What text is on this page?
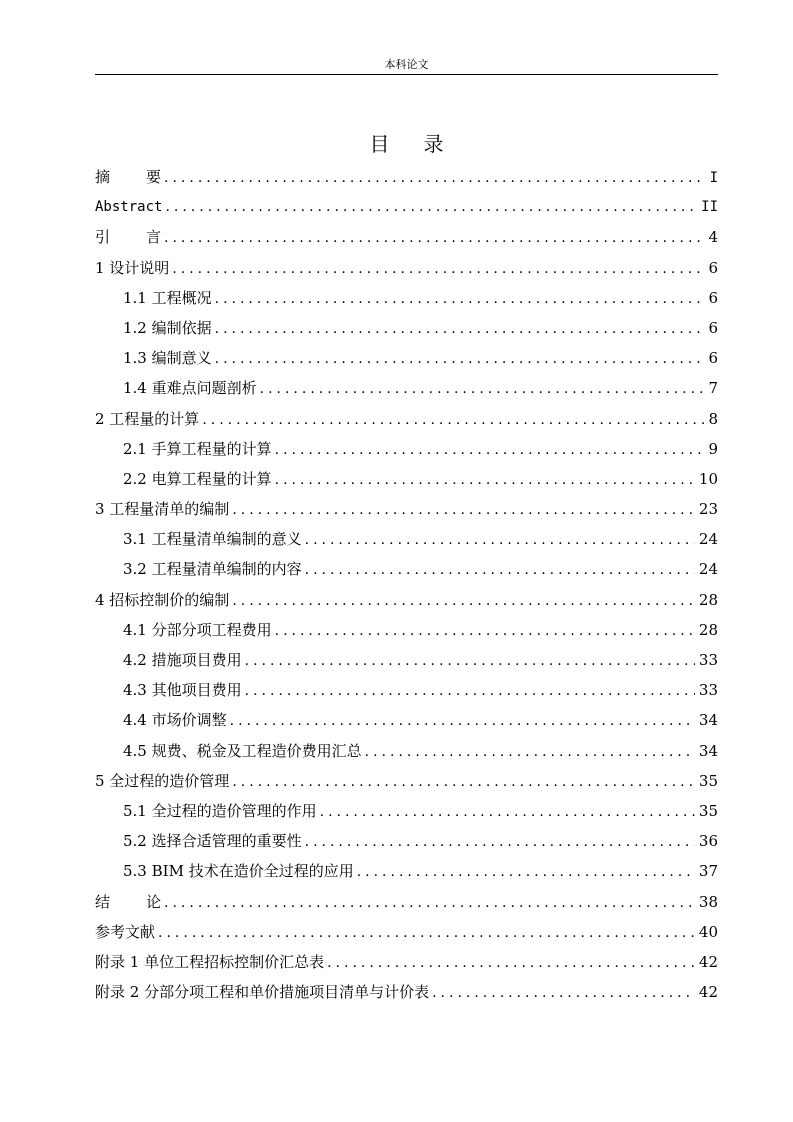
本科论文
目录
摘要 .....	I
Abstract .....	II
引言 .....	4
1 设计说明 .....	6
1.1 工程概况 .....	6
1.2 编制依据 .....	6
1.3 编制意义 .....	6
1.4 重难点问题剖析 .....	7
2 工程量的计算 .....	8
2.1 手算工程量的计算 .....	9
2.2 电算工程量的计算 .....	10
3 工程量清单的编制 .....	23
3.1 工程量清单编制的意义 .....	24
3.2 工程量清单编制的内容 .....	24
4 招标控制价的编制 .....	28
4.1 分部分项工程费用 .....	28
4.2 措施项目费用 .....	33
4.3 其他项目费用 .....	33
4.4 市场价调整 .....	34
4.5 规费、税金及工程造价费用汇总 .....	34
5 全过程的造价管理 .....	35
5.1 全过程的造价管理的作用 .....	35
5.2 选择合适管理的重要性 .....	36
5.3 BIM 技术在造价全过程的应用 .....	37
结论 .....	38
参考文献 .....	40
附录 1 单位工程招标控制价汇总表 .....	42
附录 2 分部分项工程和单价措施项目清单与计价表 .....	42
